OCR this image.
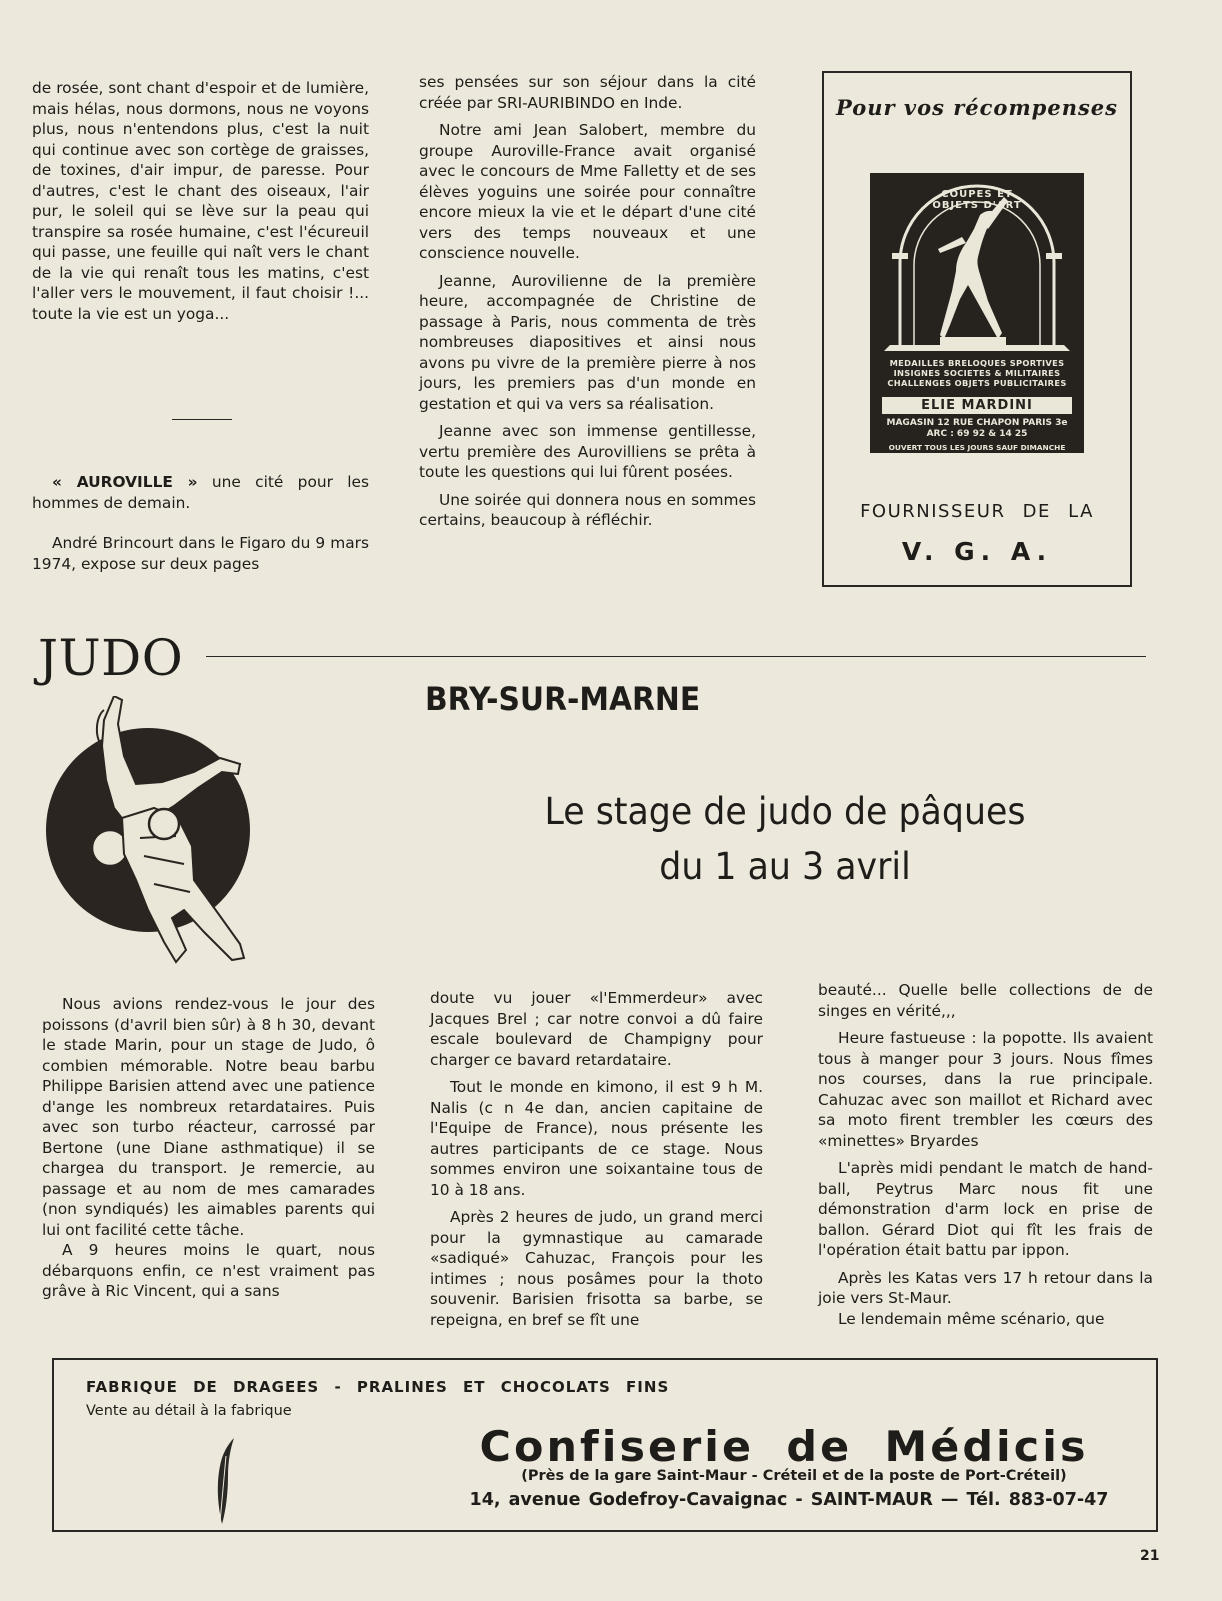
de rosée, sont chant d'espoir et de lumière, mais hélas, nous dormons, nous ne voyons plus, nous n'entendons plus, c'est la nuit qui continue avec son cortège de graisses, de toxines, d'air impur, de paresse. Pour d'autres, c'est le chant des oiseaux, l'air pur, le soleil qui se lève sur la peau qui transpire sa rosée humaine, c'est l'écureuil qui passe, une feuille qui naît vers le chant de la vie qui renaît tous les matins, c'est l'aller vers le mouvement, il faut choisir !... toute la vie est un yoga...

« AUROVILLE » une cité pour les hommes de demain.

André Brincourt dans le Figaro du 9 mars 1974, expose sur deux pages

ses pensées sur son séjour dans la cité créée par SRI-AURIBINDO en Inde.

Notre ami Jean Salobert, membre du groupe Auroville-France avait organisé avec le concours de Mme Falletty et de ses élèves yoguins une soirée pour connaître encore mieux la vie et le départ d'une cité vers des temps nouveaux et une conscience nouvelle.

Jeanne, Aurovilienne de la première heure, accompagnée de Christine de passage à Paris, nous commenta de très nombreuses diapositives et ainsi nous avons pu vivre de la première pierre à nos jours, les premiers pas d'un monde en gestation et qui va vers sa réalisation.

Jeanne avec son immense gentillesse, vertu première des Aurovilliens se prêta à toute les questions qui lui fûrent posées.

Une soirée qui donnera nous en sommes certains, beaucoup à réfléchir.

Pour vos récompenses
COUPES ET OBJETS D'ART
MEDAILLES BRELOQUES SPORTIVES
INSIGNES SOCIETES & MILITAIRES
CHALLENGES OBJETS PUBLICITAIRES
ELIE MARDINI
MAGASIN 12 RUE CHAPON PARIS 3e
ARC : 69 92 & 14 25
OUVERT TOUS LES JOURS SAUF DIMANCHE
FOURNISSEUR DE LA
V. G. A.
JUDO
BRY-SUR-MARNE
Le stage de judo de pâques
du 1 au 3 avril

Nous avions rendez-vous le jour des poissons (d'avril bien sûr) à 8 h 30, devant le stade Marin, pour un stage de Judo, ô combien mémorable. Notre beau barbu Philippe Barisien attend avec une patience d'ange les nombreux retardataires. Puis avec son turbo réacteur, carrossé par Bertone (une Diane asthmatique) il se chargea du transport. Je remercie, au passage et au nom de mes camarades (non syndiqués) les aimables parents qui lui ont facilité cette tâche.

A 9 heures moins le quart, nous débarquons enfin, ce n'est vraiment pas grâve à Ric Vincent, qui a sans

doute vu jouer «l'Emmerdeur» avec Jacques Brel ; car notre convoi a dû faire escale boulevard de Champigny pour charger ce bavard retardataire.

Tout le monde en kimono, il est 9 h M. Nalis (c n 4e dan, ancien capitaine de l'Equipe de France), nous présente les autres participants de ce stage. Nous sommes environ une soixantaine tous de 10 à 18 ans.

Après 2 heures de judo, un grand merci pour la gymnastique au camarade «sadiqué» Cahuzac, François pour les intimes ; nous posâmes pour la thoto souvenir. Barisien frisotta sa barbe, se repeigna, en bref se fît une

beauté... Quelle belle collections de de singes en vérité,,,

Heure fastueuse : la popotte. Ils avaient tous à manger pour 3 jours. Nous fîmes nos courses, dans la rue principale. Cahuzac avec son maillot et Richard avec sa moto firent trembler les cœurs des «minettes» Bryardes

L'après midi pendant le match de hand-ball, Peytrus Marc nous fit une démonstration d'arm lock en prise de ballon. Gérard Diot qui fît les frais de l'opération était battu par ippon.

Après les Katas vers 17 h retour dans la joie vers St-Maur.

Le lendemain même scénario, que

FABRIQUE DE DRAGEES - PRALINES ET CHOCOLATS FINS
Vente au détail à la fabrique
Confiserie de Médicis
(Près de la gare Saint-Maur - Créteil et de la poste de Port-Créteil)
14, avenue Godefroy-Cavaignac - SAINT-MAUR — Tél. 883-07-47
21
